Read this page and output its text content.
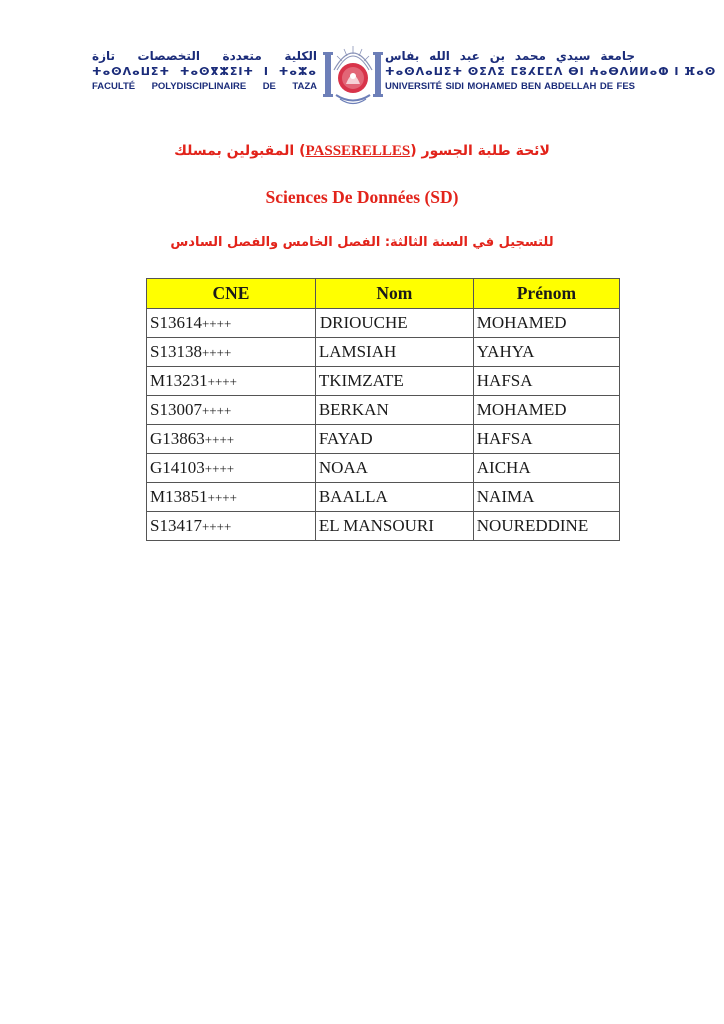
الكلية متعددة التخصصات تازة
ⵜⴰⵙⴷⴰⵡⵉⵜ ⵜⴰⵙⴳⵣⵉⵏⵜ ⵏ ⵜⴰⵣⴰ
FACULTÉ POLYDISCIPLINAIRE DE TAZA
جامعة سيدي محمد بن عبد الله بفاس
ⵜⴰⵙⴷⴰⵡⵉⵜ ⵙⵉⴷⵉ ⵎⵓⵃⵎⵎⴷ ⴱⵏ ⵄⴰⴱⴷⵍⵍⴰⵀ ⵏ ⴼⴰⵙ
UNIVERSITÉ SIDI MOHAMED BEN ABDELLAH DE FES
لائحة طلبة الجسور (PASSERELLES) المقبولين بمسلك
Sciences De Données (SD)
للتسجيل في السنة الثالثة: الفصل الخامس والفصل السادس
CNE	Nom	Prénom
S13614++++	DRIOUCHE	MOHAMED
S13138++++	LAMSIAH	YAHYA
M13231++++	TKIMZATE	HAFSA
S13007++++	BERKAN	MOHAMED
G13863++++	FAYAD	HAFSA
G14103++++	NOAA	AICHA
M13851++++	BAALLA	NAIMA
S13417++++	EL MANSOURI	NOUREDDINE
